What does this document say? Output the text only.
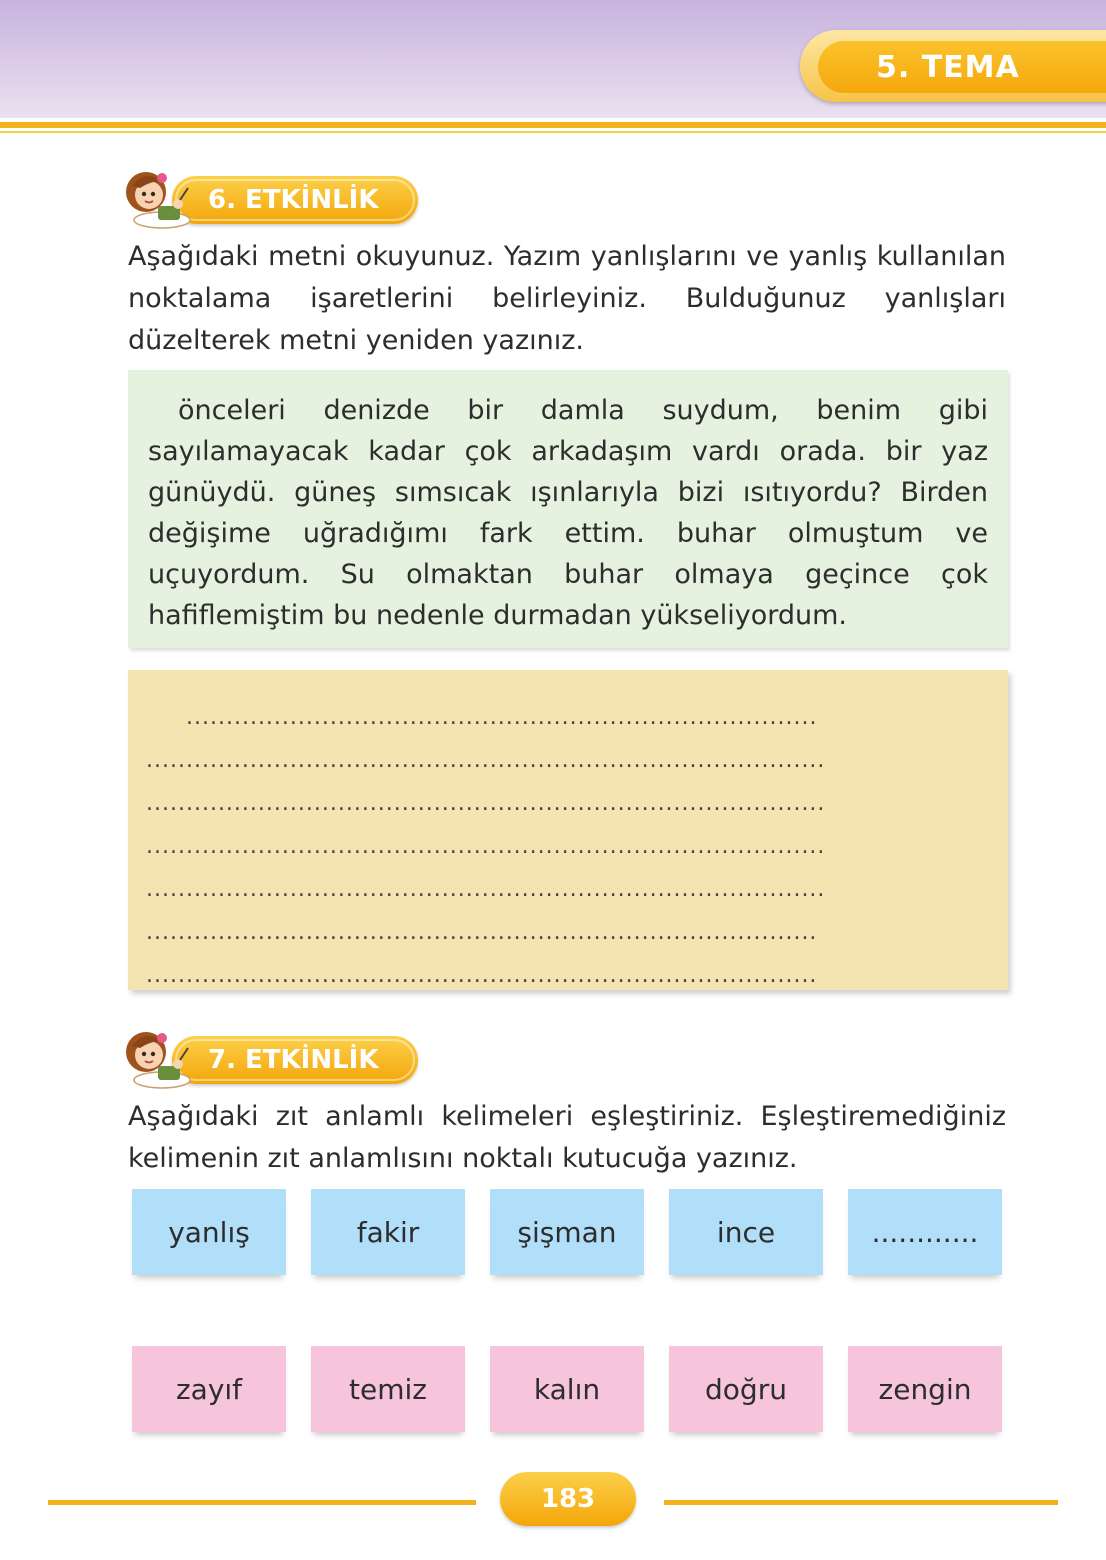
5. TEMA
6. ETKİNLİK

Aşağıdaki metni okuyunuz. Yazım yanlışlarını ve yanlış kullanılan noktalama işaretlerini belirleyiniz. Bulduğunuz yanlışları düzelterek metni yeniden yazınız.

önceleri denizde bir damla suydum, benim gibi sayılamayacak kadar çok arkadaşım vardı orada. bir yaz günüydü. güneş sımsıcak ışınlarıyla bizi ısıtıyordu? Birden değişime uğradığımı fark ettim. buhar olmuştum ve uçuyordum. Su olmaktan buhar olmaya geçince çok hafiflemiştim bu nedenle durmadan yükseliyordum.

...............................................................................
.....................................................................................
.....................................................................................
.....................................................................................
.....................................................................................
....................................................................................
....................................................................................
7. ETKİNLİK

Aşağıdaki zıt anlamlı kelimeleri eşleştiriniz. Eşleştiremediğiniz kelimenin zıt anlamlısını noktalı kutucuğa yazınız.

yanlış	fakir	şişman	ince	............
zayıf	temiz	kalın	doğru	zengin
183
